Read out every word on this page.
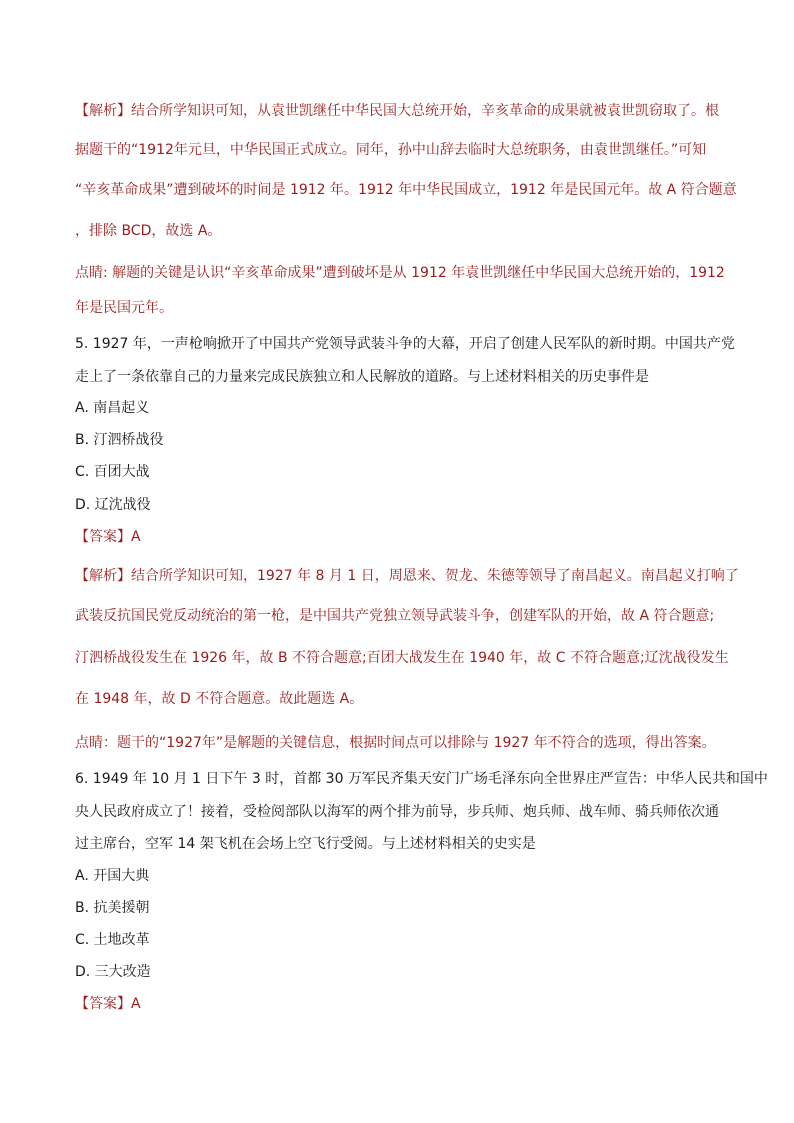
【解析】结合所学知识可知，从袁世凯继任中华民国大总统开始，辛亥革命的成果就被袁世凯窃取了。根
据题干的“1912年元旦，中华民国正式成立。同年，孙中山辞去临时大总统职务，由袁世凯继任。”可知
“辛亥革命成果”遭到破坏的时间是 1912 年。1912 年中华民国成立，1912 年是民国元年。故 A 符合题意
，排除 BCD，故选 A。
点睛: 解题的关键是认识“辛亥革命成果”遭到破坏是从 1912 年袁世凯继任中华民国大总统开始的，1912
年是民国元年。
5. 1927 年，一声枪响掀开了中国共产党领导武装斗争的大幕，开启了创建人民军队的新时期。中国共产党
走上了一条依靠自己的力量来完成民族独立和人民解放的道路。与上述材料相关的历史事件是
A. 南昌起义
B. 汀泗桥战役
C. 百团大战
D. 辽沈战役
【答案】A
【解析】结合所学知识可知，1927 年 8 月 1 日，周恩来、贺龙、朱德等领导了南昌起义。南昌起义打响了
武装反抗国民党反动统治的第一枪，是中国共产党独立领导武装斗争，创建军队的开始，故 A 符合题意;
汀泗桥战役发生在 1926 年，故 B 不符合题意;百团大战发生在 1940 年，故 C 不符合题意;辽沈战役发生
在 1948 年，故 D 不符合题意。故此题选 A。
点睛：题干的“1927年”是解题的关键信息，根据时间点可以排除与 1927 年不符合的选项，得出答案。
6. 1949 年 10 月 1 日下午 3 时，首都 30 万军民齐集天安门广场毛泽东向全世界庄严宣告：中华人民共和国中
央人民政府成立了！接着，受检阅部队以海军的两个排为前导，步兵师、炮兵师、战车师、骑兵师依次通
过主席台，空军 14 架飞机在会场上空飞行受阅。与上述材料相关的史实是
A. 开国大典
B. 抗美援朝
C. 土地改革
D. 三大改造
【答案】A
